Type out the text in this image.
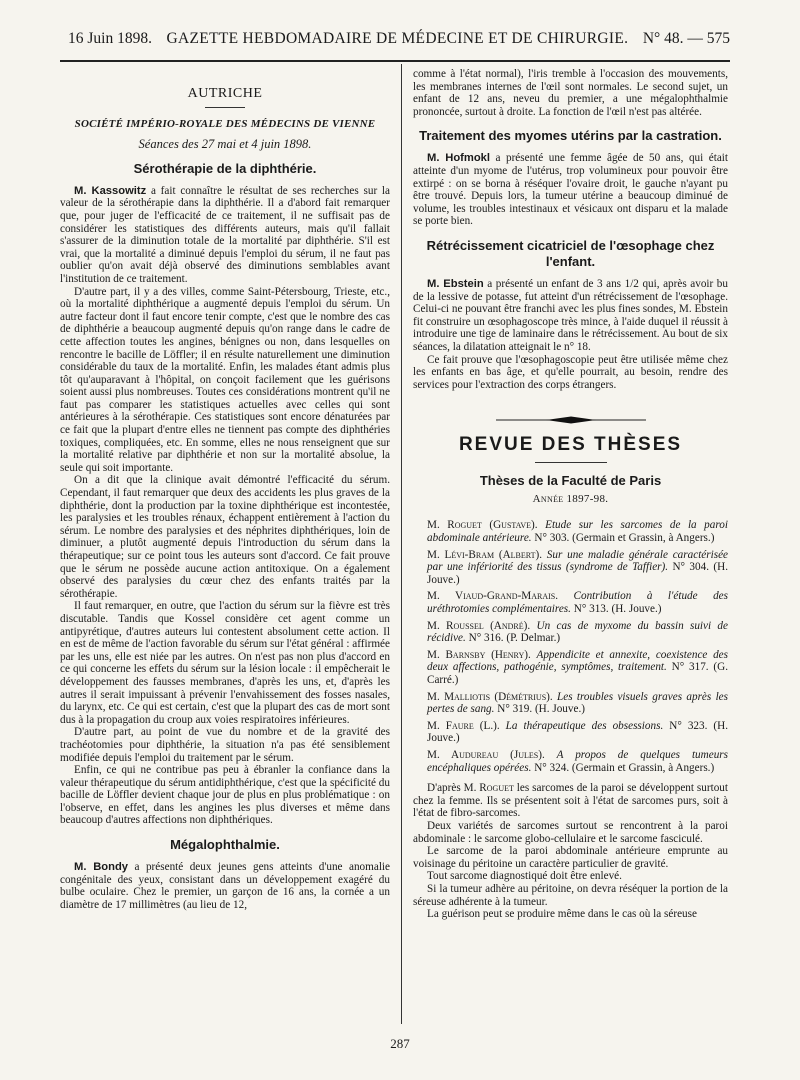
16 Juin 1898. GAZETTE HEBDOMADAIRE DE MÉDECINE ET DE CHIRURGIE. N° 48. — 575
AUTRICHE
SOCIÉTÉ IMPÉRIO-ROYALE DES MÉDECINS DE VIENNE
Séances des 27 mai et 4 juin 1898.
Sérothérapie de la diphthérie.

M. Kassowitz a fait connaître le résultat de ses recherches sur la valeur de la sérothérapie dans la diphthérie. Il a d'abord fait remarquer que, pour juger de l'efficacité de ce traitement, il ne suffisait pas de considérer les statistiques des différents auteurs, mais qu'il fallait s'assurer de la diminution totale de la mortalité par diphthérie. S'il est vrai, que la mortalité a diminué depuis l'emploi du sérum, il ne faut pas oublier qu'on avait déjà observé des diminutions semblables avant l'institution de ce traitement.

D'autre part, il y a des villes, comme Saint-Pétersbourg, Trieste, etc., où la mortalité diphthérique a augmenté depuis l'emploi du sérum. Un autre facteur dont il faut encore tenir compte, c'est que le nombre des cas de diphthérie a beaucoup augmenté depuis qu'on range dans le cadre de cette affection toutes les angines, bénignes ou non, dans lesquelles on rencontre le bacille de Löffler; il en résulte naturellement une diminution considérable du taux de la mortalité. Enfin, les malades étant admis plus tôt qu'auparavant à l'hôpital, on conçoit facilement que les guérisons soient aussi plus nombreuses. Toutes ces considérations montrent qu'il ne faut pas comparer les statistiques actuelles avec celles qui sont antérieures à la sérothérapie. Ces statistiques sont encore dénaturées par ce fait que la plupart d'entre elles ne tiennent pas compte des diphthéries toxiques, compliquées, etc. En somme, elles ne nous renseignent que sur la mortalité relative par diphthérie et non sur la mortalité absolue, la seule qui soit importante.

On a dit que la clinique avait démontré l'efficacité du sérum. Cependant, il faut remarquer que deux des accidents les plus graves de la diphthérie, dont la production par la toxine diphthérique est incontestée, les paralysies et les troubles rénaux, échappent entièrement à l'action du sérum. Le nombre des paralysies et des néphrites diphthériques, loin de diminuer, a plutôt augmenté depuis l'introduction du sérum dans la thérapeutique; sur ce point tous les auteurs sont d'accord. Ce fait prouve que le sérum ne possède aucune action antitoxique. On a également observé des paralysies du cœur chez des enfants traités par la sérothérapie.

Il faut remarquer, en outre, que l'action du sérum sur la fièvre est très discutable. Tandis que Kossel considère cet agent comme un antipyrétique, d'autres auteurs lui contestent absolument cette action. Il en est de même de l'action favorable du sérum sur l'état général : affirmée par les uns, elle est niée par les autres. On n'est pas non plus d'accord en ce qui concerne les effets du sérum sur la lésion locale : il empêcherait le développement des fausses membranes, d'après les uns, et, d'après les autres il serait impuissant à prévenir l'envahissement des fosses nasales, du larynx, etc. Ce qui est certain, c'est que la plupart des cas de mort sont dus à la propagation du croup aux voies respiratoires inférieures.

D'autre part, au point de vue du nombre et de la gravité des trachéotomies pour diphthérie, la situation n'a pas été sensiblement modifiée depuis l'emploi du traitement par le sérum.

Enfin, ce qui ne contribue pas peu à ébranler la confiance dans la valeur thérapeutique du sérum antidiphthérique, c'est que la spécificité du bacille de Löffler devient chaque jour de plus en plus problématique : on l'observe, en effet, dans les angines les plus diverses et même dans beaucoup d'autres affections non diphthériques.

Mégalophthalmie.

M. Bondy a présenté deux jeunes gens atteints d'une anomalie congénitale des yeux, consistant dans un développement exagéré du bulbe oculaire. Chez le premier, un garçon de 16 ans, la cornée a un diamètre de 17 millimètres (au lieu de 12,

comme à l'état normal), l'iris tremble à l'occasion des mouvements, les membranes internes de l'œil sont normales. Le second sujet, un enfant de 12 ans, neveu du premier, a une mégalophthalmie prononcée, surtout à droite. La fonction de l'œil n'est pas altérée.

Traitement des myomes utérins par la castration.

M. Hofmokl a présenté une femme âgée de 50 ans, qui était atteinte d'un myome de l'utérus, trop volumineux pour pouvoir être extirpé : on se borna à réséquer l'ovaire droit, le gauche n'ayant pu être trouvé. Depuis lors, la tumeur utérine a beaucoup diminué de volume, les troubles intestinaux et vésicaux ont disparu et la malade se porte bien.

Rétrécissement cicatriciel de l'œsophage chez l'enfant.

M. Ebstein a présenté un enfant de 3 ans 1/2 qui, après avoir bu de la lessive de potasse, fut atteint d'un rétrécissement de l'œsophage. Celui-ci ne pouvant être franchi avec les plus fines sondes, M. Ebstein fit construire un œsophagoscope très mince, à l'aide duquel il réussit à introduire une tige de laminaire dans le rétrécissement. Au bout de six séances, la dilatation atteignait le n° 18.

Ce fait prouve que l'œsophagoscopie peut être utilisée même chez les enfants en bas âge, et qu'elle pourrait, au besoin, rendre des services pour l'extraction des corps étrangers.

REVUE DES THÈSES
Thèses de la Faculté de Paris
Année 1897-98.
M. Roguet (Gustave). Etude sur les sarcomes de la paroi abdominale antérieure. N° 303. (Germain et Grassin, à Angers.)
M. Lévi-Bram (Albert). Sur une maladie générale caractérisée par une infériorité des tissus (syndrome de Taffier). N° 304. (H. Jouve.)
M. Viaud-Grand-Marais. Contribution à l'étude des uréthrotomies complémentaires. N° 313. (H. Jouve.)
M. Roussel (André). Un cas de myxome du bassin suivi de récidive. N° 316. (P. Delmar.)
M. Barnsby (Henry). Appendicite et annexite, coexistence des deux affections, pathogénie, symptômes, traitement. N° 317. (G. Carré.)
M. Malliotis (Démétrius). Les troubles visuels graves après les pertes de sang. N° 319. (H. Jouve.)
M. Faure (L.). La thérapeutique des obsessions. N° 323. (H. Jouve.)
M. Audureau (Jules). A propos de quelques tumeurs encéphaliques opérées. N° 324. (Germain et Grassin, à Angers.)

D'après M. Roguet les sarcomes de la paroi se développent surtout chez la femme. Ils se présentent soit à l'état de sarcomes purs, soit à l'état de fibro-sarcomes.

Deux variétés de sarcomes surtout se rencontrent à la paroi abdominale : le sarcome globo-cellulaire et le sarcome fasciculé.

Le sarcome de la paroi abdominale antérieure emprunte au voisinage du péritoine un caractère particulier de gravité.

Tout sarcome diagnostiqué doit être enlevé.

Si la tumeur adhère au péritoine, on devra réséquer la portion de la séreuse adhérente à la tumeur.

La guérison peut se produire même dans le cas où la séreuse

287
